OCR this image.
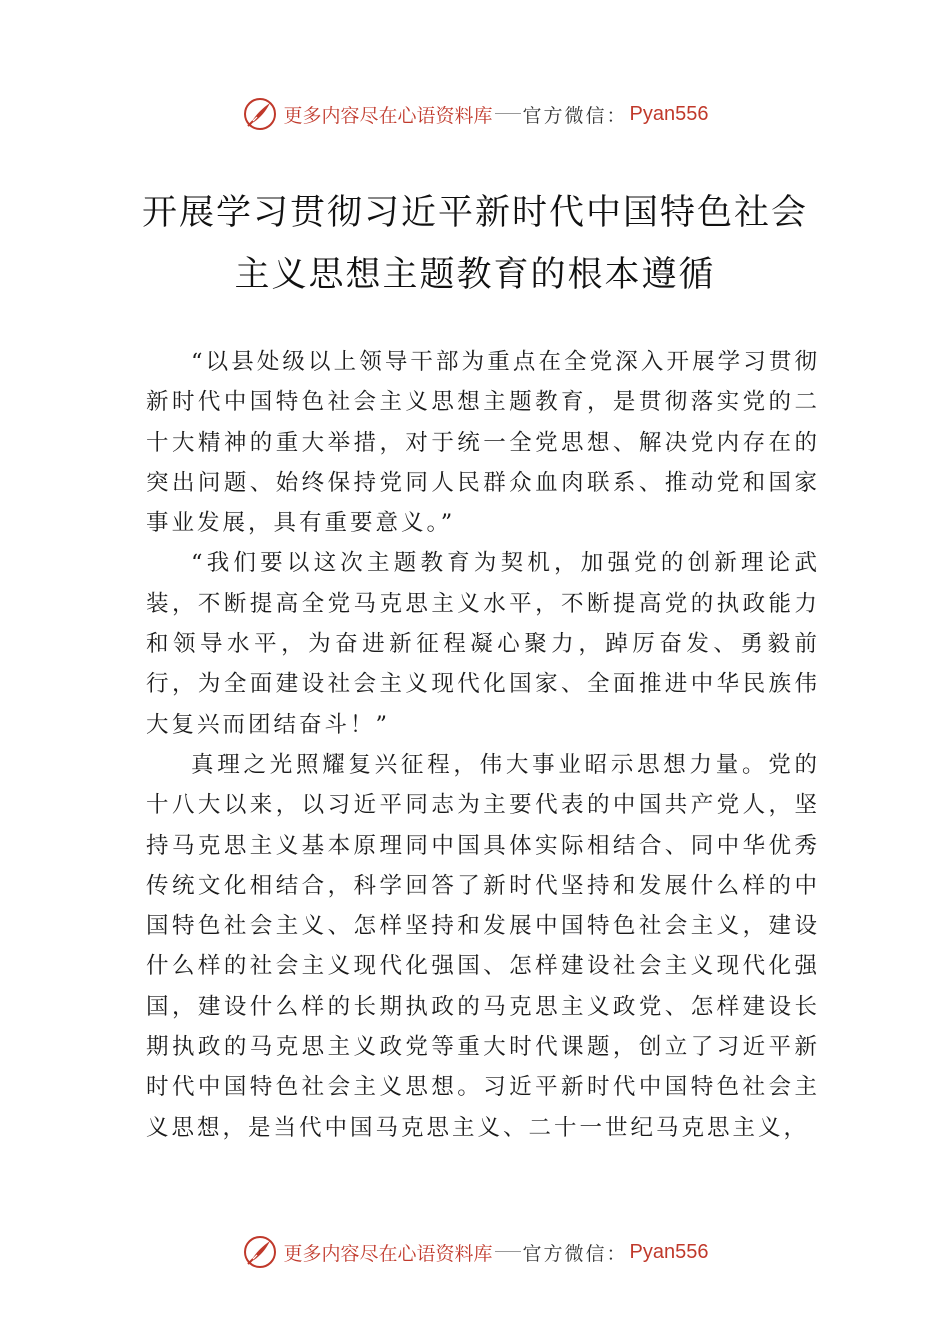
更多内容尽在心语资料库 官方微信： Pyan556
开展学习贯彻习近平新时代中国特色社会
主义思想主题教育的根本遵循

“以县处级以上领导干部为重点在全党深入开展学习贯彻新时代中国特色社会主义思想主题教育，是贯彻落实党的二十大精神的重大举措，对于统一全党思想、解决党内存在的突出问题、始终保持党同人民群众血肉联系、推动党和国家事业发展，具有重要意义。”

“我们要以这次主题教育为契机，加强党的创新理论武装，不断提高全党马克思主义水平，不断提高党的执政能力和领导水平，为奋进新征程凝心聚力，踔厉奋发、勇毅前行，为全面建设社会主义现代化国家、全面推进中华民族伟大复兴而团结奋斗！”

真理之光照耀复兴征程，伟大事业昭示思想力量。党的十八大以来，以习近平同志为主要代表的中国共产党人，坚持马克思主义基本原理同中国具体实际相结合、同中华优秀传统文化相结合，科学回答了新时代坚持和发展什么样的中国特色社会主义、怎样坚持和发展中国特色社会主义，建设什么样的社会主义现代化强国、怎样建设社会主义现代化强国，建设什么样的长期执政的马克思主义政党、怎样建设长期执政的马克思主义政党等重大时代课题，创立了习近平新时代中国特色社会主义思想。习近平新时代中国特色社会主义思想，是当代中国马克思主义、二十一世纪马克思主义，

更多内容尽在心语资料库 官方微信： Pyan556
